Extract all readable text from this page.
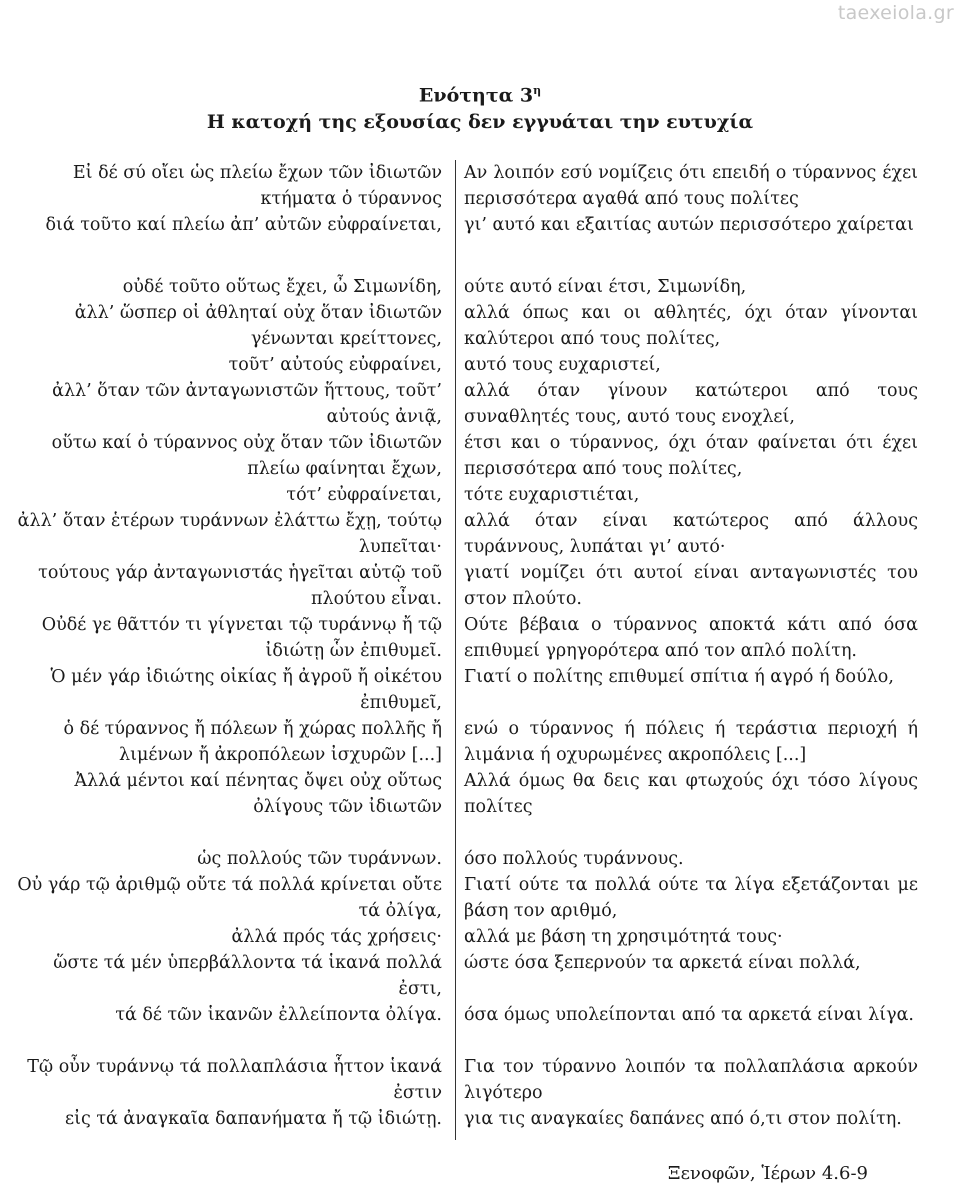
taexeiola.gr
Ενότητα $3^\eta$
Η κατοχή της εξουσίας δεν εγγυάται την ευτυχία
Εἰ δέ σύ οἴει ὡς πλείω ἔχων τῶν ἰδιωτῶν κτήματα ὁ τύραννος
Αν λοιπόν εσύ νομίζεις ότι επειδή ο τύραννος έχει περισσότερα αγαθά από τους πολίτες
διά τοῦτο καί πλείω ἀπ’ αὐτῶν εὐφραίνεται, γι’ αυτό και εξαιτίας αυτών περισσότερο χαίρεται
οὐδέ τοῦτο οὕτως ἔχει, ὦ Σιμωνίδη, ούτε αυτό είναι έτσι, Σιμωνίδη,
ἀλλ’ ὥσπερ οἱ ἀθληταί οὐχ ὅταν ἰδιωτῶν γένωνται κρείττονες,
αλλά όπως και οι αθλητές, όχι όταν γίνονται καλύτεροι από τους πολίτες,
τοῦτ’ αὐτούς εὐφραίνει, αυτό τους ευχαριστεί,
ἀλλ’ ὅταν τῶν ἀνταγωνιστῶν ἥττους, τοῦτ’ αὐτούς ἀνιᾷ,
αλλά όταν γίνουν κατώτεροι από τους συναθλητές τους, αυτό τους ενοχλεί,
οὕτω καί ὁ τύραννος οὐχ ὅταν τῶν ἰδιωτῶν πλείω φαίνηται ἔχων,
έτσι και ο τύραννος, όχι όταν φαίνεται ότι έχει περισσότερα από τους πολίτες,
τότ’ εὐφραίνεται, τότε ευχαριστιέται,
ἀλλ’ ὅταν ἑτέρων τυράννων ἐλάττω ἔχῃ, τούτῳ λυπεῖται·
αλλά όταν είναι κατώτερος από άλλους τυράννους, λυπάται γι’ αυτό·
τούτους γάρ ἀνταγωνιστάς ἡγεῖται αὑτῷ τοῦ πλούτου εἶναι.
γιατί νομίζει ότι αυτοί είναι ανταγωνιστές του στον πλούτο.
Οὐδέ γε θᾶττόν τι γίγνεται τῷ τυράννῳ ἤ τῷ ἰδιώτῃ ὧν ἐπιθυμεῖ.
Ούτε βέβαια ο τύραννος αποκτά κάτι από όσα επιθυμεί γρηγορότερα από τον απλό πολίτη.
Ὁ μέν γάρ ἰδιώτης οἰκίας ἤ ἀγροῦ ἤ οἰκέτου ἐπιθυμεῖ,
Γιατί ο πολίτης επιθυμεί σπίτια ή αγρό ή δούλο,
ὁ δέ τύραννος ἤ πόλεων ἤ χώρας πολλῆς ἤ λιμένων ἤ ἀκροπόλεων ἰσχυρῶν [...]
ενώ ο τύραννος ή πόλεις ή τεράστια περιοχή ή λιμάνια ή οχυρωμένες ακροπόλεις [...]
Ἀλλά μέντοι καί πένητας ὄψει οὐχ οὕτως ὀλίγους τῶν ἰδιωτῶν
Αλλά όμως θα δεις και φτωχούς όχι τόσο λίγους πολίτες
ὡς πολλούς τῶν τυράννων. όσο πολλούς τυράννους.
Οὐ γάρ τῷ ἀριθμῷ οὔτε τά πολλά κρίνεται οὔτε τά ὀλίγα,
Γιατί ούτε τα πολλά ούτε τα λίγα εξετάζονται με βάση τον αριθμό,
ἀλλά πρός τάς χρήσεις· αλλά με βάση τη χρησιμότητά τους·
ὥστε τά μέν ὑπερβάλλοντα τά ἱκανά πολλά ἐστι,
ώστε όσα ξεπερνούν τα αρκετά είναι πολλά,
τά δέ τῶν ἱκανῶν ἐλλείποντα ὀλίγα. όσα όμως υπολείπονται από τα αρκετά είναι λίγα.
Τῷ οὖν τυράννῳ τά πολλαπλάσια ἧττον ἱκανά ἐστιν
Για τον τύραννο λοιπόν τα πολλαπλάσια αρκούν λιγότερο
εἰς τά ἀναγκαῖα δαπανήματα ἤ τῷ ἰδιώτῃ. για τις αναγκαίες δαπάνες από ό,τι στον πολίτη.
Ξενοφῶν, Ἱέρων 4.6-9
